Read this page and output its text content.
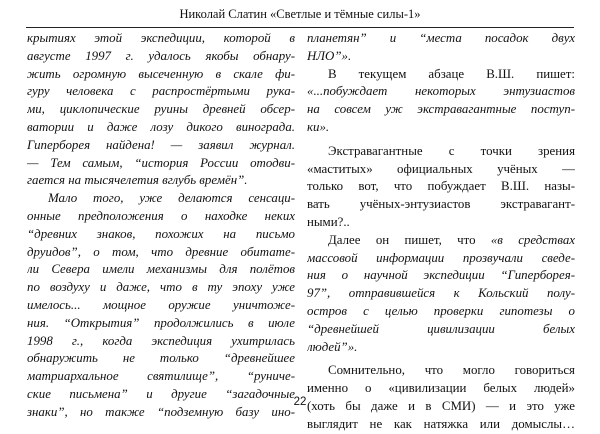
Николай Слатин «Светлые и тёмные силы-1»
крытиях этой экспедиции, которой в
августе 1997 г. удалось якобы обнару-
жить огромную высеченную в скале фи-
гуру человека с распростёртыми рука-
ми, циклопические руины древней обсер-
ватории и даже лозу дикого винограда.
Гиперборея найдена! — заявил журнал.
— Тем самым, “история России отодви-
гается на тысячелетия вглубь времён”.
Мало того, уже делаются сенсаци-
онные предположения о находке неких
“древних знаков, похожих на письмо
друидов”, о том, что древние обитате-
ли Севера имели механизмы для полётов
по воздуху и даже, что в ту эпоху уже
имелось... мощное оружие уничтоже-
ния. “Открытия” продолжились в июле
1998 г., когда экспедиция ухитрилась
обнаружить не только “древнейшее
матриархальное святилище”, “руниче-
ские письмена” и другие “загадочные
знаки”, но также “подземную базу ино-
планетян” и “места посадок двух
НЛО”».
В текущем абзаце В.Ш. пишет:
«...побуждает некоторых энтузиастов
на совсем уж экстравагантные поступ-
ки».
Экстравагантные с точки зрения
«маститых» официальных учёных —
только вот, что побуждает В.Ш. назы-
вать учёных-энтузиастов экстравагант-
ными?..
Далее он пишет, что «в средствах
массовой информации прозвучали сведе-
ния о научной экспедиции “Гиперборея-
97”, отправившейся к Кольский полу-
остров с целью проверки гипотезы о
“древнейшей цивилизации белых
людей”».
Сомнительно, что могло говориться
именно о «цивилизации белых людей»
(хоть бы даже и в СМИ) — и это уже
выглядит не как натяжка или домыслы…
22
